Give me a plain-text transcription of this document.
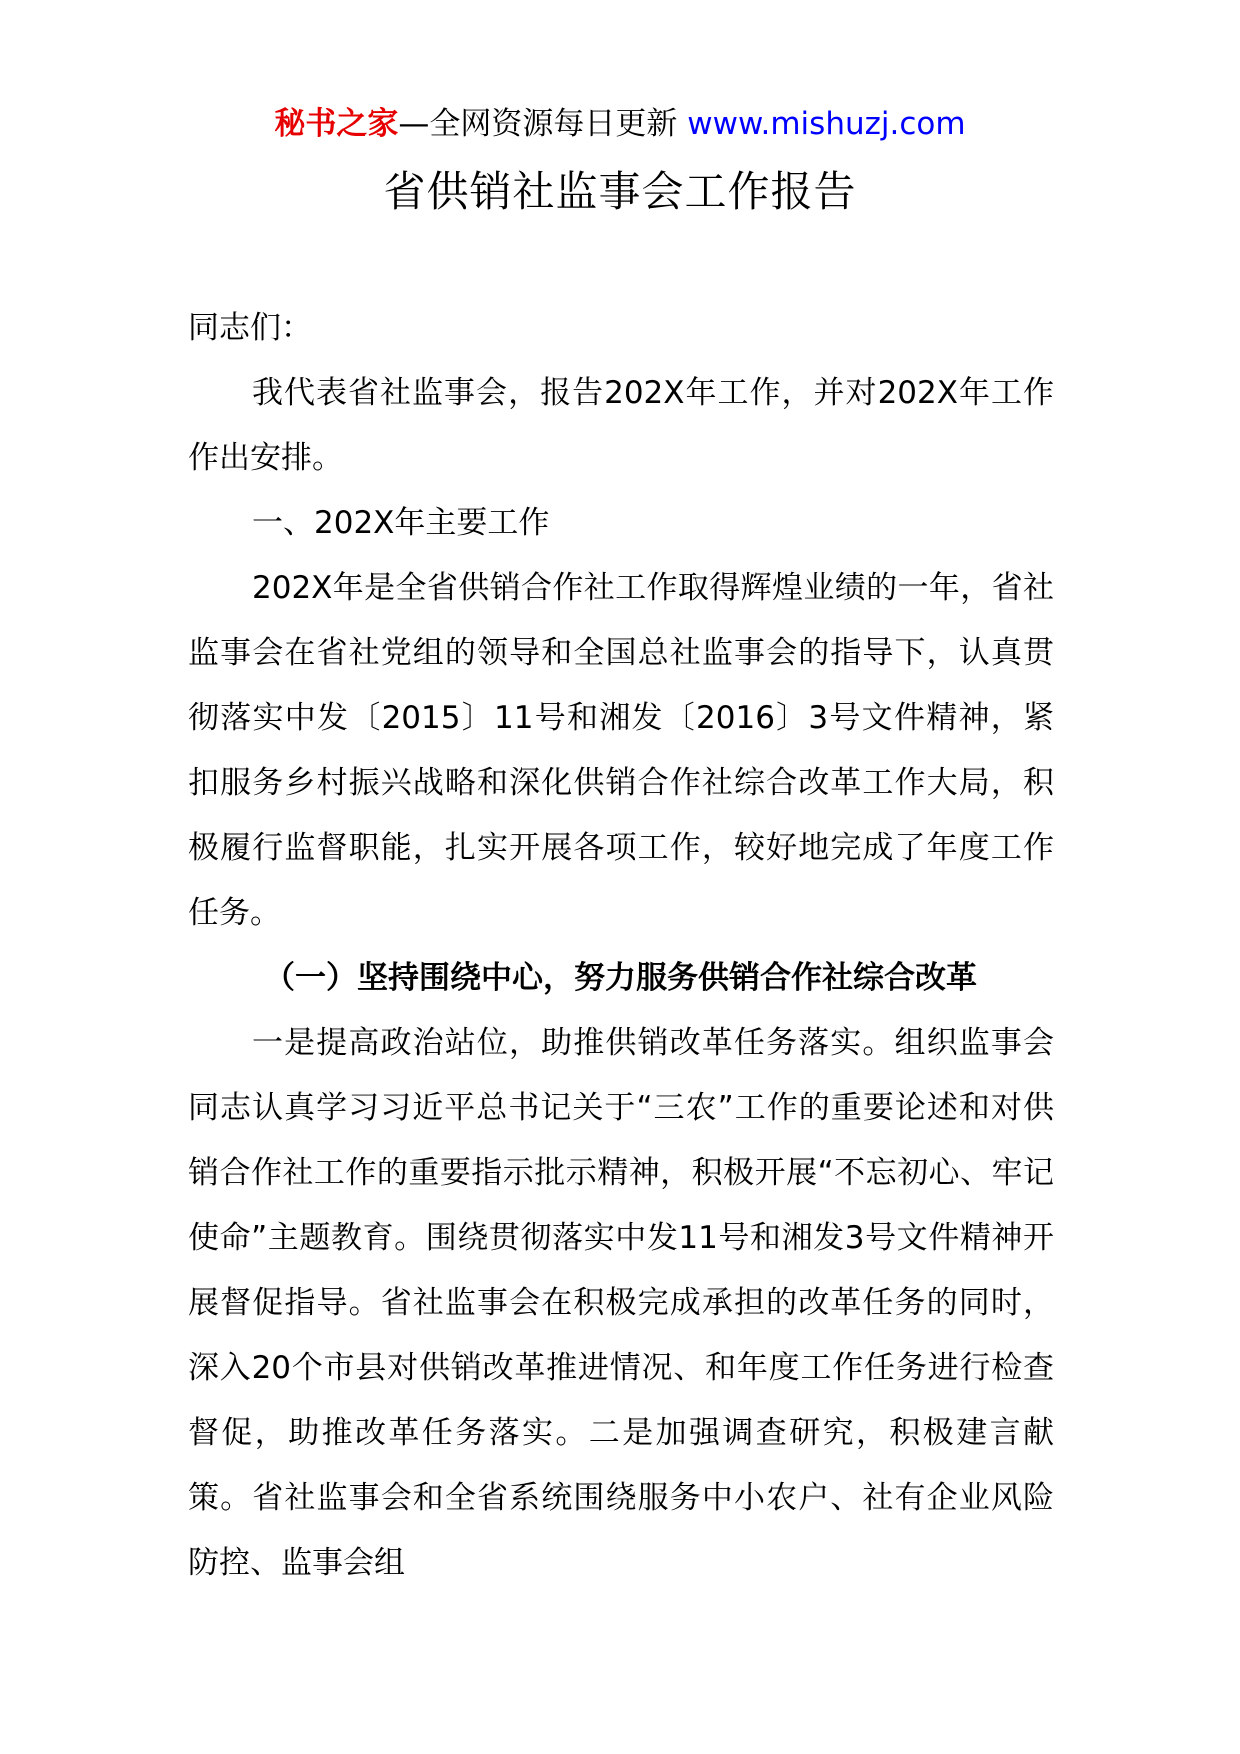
秘书之家—全网资源每日更新 www.mishuzj.com
省供销社监事会工作报告

同志们：

我代表省社监事会，报告202X年工作，并对202X年工作作出安排。

一、202X年主要工作

202X年是全省供销合作社工作取得辉煌业绩的一年，省社监事会在省社党组的领导和全国总社监事会的指导下，认真贯彻落实中发〔2015〕11号和湘发〔2016〕3号文件精神，紧扣服务乡村振兴战略和深化供销合作社综合改革工作大局，积极履行监督职能，扎实开展各项工作，较好地完成了年度工作任务。

（一）坚持围绕中心，努力服务供销合作社综合改革

一是提高政治站位，助推供销改革任务落实。组织监事会同志认真学习习近平总书记关于“三农”工作的重要论述和对供销合作社工作的重要指示批示精神，积极开展“不忘初心、牢记使命”主题教育。围绕贯彻落实中发11号和湘发3号文件精神开展督促指导。省社监事会在积极完成承担的改革任务的同时，深入20个市县对供销改革推进情况、和年度工作任务进行检查督促，助推改革任务落实。二是加强调查研究，积极建言献策。省社监事会和全省系统围绕服务中小农户、社有企业风险防控、监事会组
